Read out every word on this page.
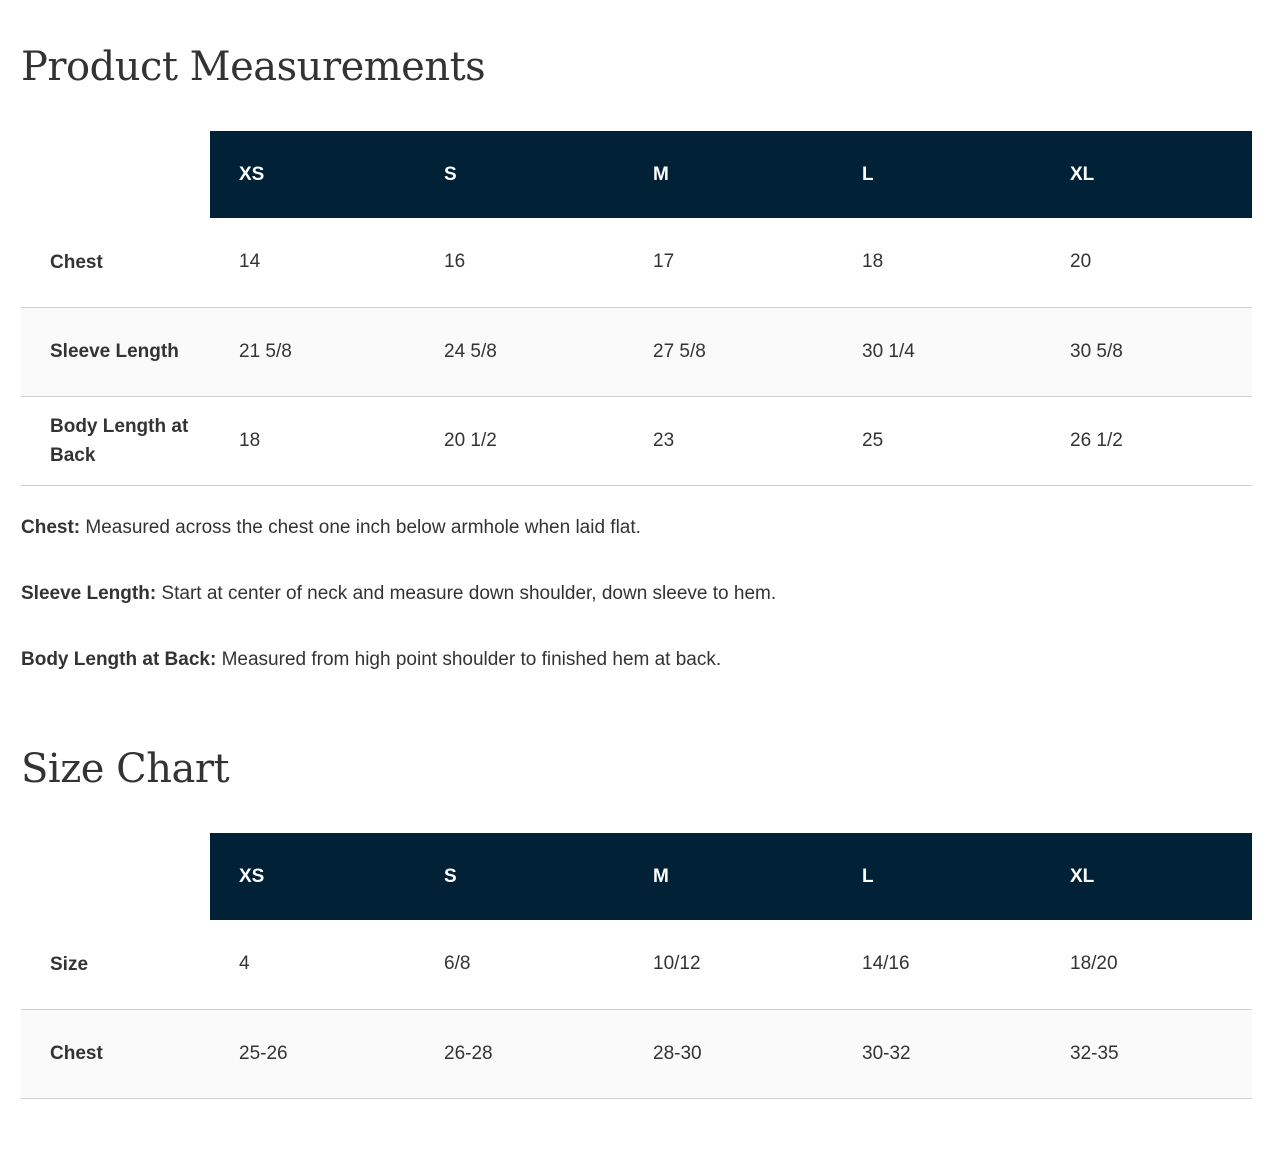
Product Measurements
	XS	S	M	L	XL
Chest	14	16	17	18	20
Sleeve Length	21 5/8	24 5/8	27 5/8	30 1/4	30 5/8
Body Length at Back	18	20 1/2	23	25	26 1/2

Chest: Measured across the chest one inch below armhole when laid flat.

Sleeve Length: Start at center of neck and measure down shoulder, down sleeve to hem.

Body Length at Back: Measured from high point shoulder to finished hem at back.

Size Chart
	XS	S	M	L	XL
Size	4	6/8	10/12	14/16	18/20
Chest	25-26	26-28	28-30	30-32	32-35
